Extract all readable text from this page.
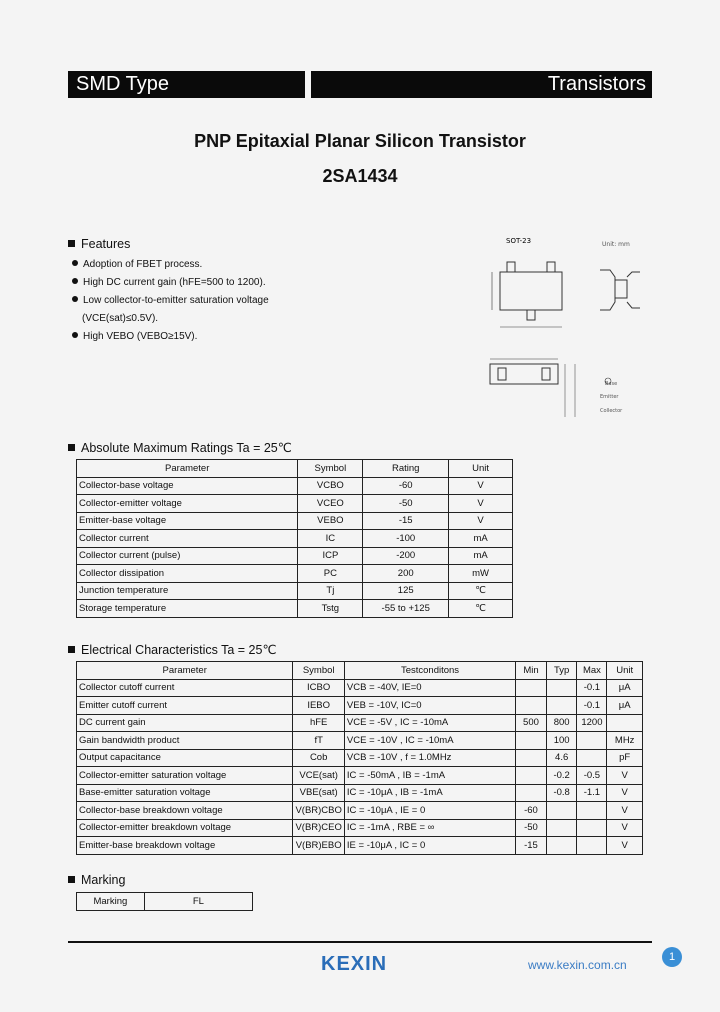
SMD Type	Transistors
PNP Epitaxial Planar Silicon Transistor
2SA1434
Features
Adoption of FBET process.
High DC current gain (hFE=500 to 1200).
Low collector-to-emitter saturation voltage
(VCE(sat)≤0.5V).
High VEBO (VEBO≥15V).
SOT-23	Unit: mm
Base
Emitter
Collector
Absolute Maximum Ratings Ta = 25℃
Parameter	Symbol	Rating	Unit
Collector-base voltage	VCBO	-60	V
Collector-emitter voltage	VCEO	-50	V
Emitter-base voltage	VEBO	-15	V
Collector current	IC	-100	mA
Collector current (pulse)	ICP	-200	mA
Collector dissipation	PC	200	mW
Junction temperature	Tj	125	℃
Storage temperature	Tstg	-55 to +125	℃
Electrical Characteristics Ta = 25℃
Parameter	Symbol	Testconditons	Min	Typ	Max	Unit
Collector cutoff current	ICBO	VCB = -40V, IE=0			-0.1	μA
Emitter cutoff current	IEBO	VEB = -10V, IC=0			-0.1	μA
DC current gain	hFE	VCE = -5V , IC = -10mA	500	800	1200	
Gain bandwidth product	fT	VCE = -10V , IC = -10mA		100		MHz
Output capacitance	Cob	VCB = -10V , f = 1.0MHz		4.6		pF
Collector-emitter saturation voltage	VCE(sat)	IC = -50mA , IB = -1mA		-0.2	-0.5	V
Base-emitter saturation voltage	VBE(sat)	IC = -10μA , IB = -1mA		-0.8	-1.1	V
Collector-base breakdown voltage	V(BR)CBO	IC = -10μA , IE = 0	-60			V
Collector-emitter breakdown voltage	V(BR)CEO	IC = -1mA , RBE = ∞	-50			V
Emitter-base breakdown voltage	V(BR)EBO	IE = -10μA , IC = 0	-15			V
Marking
Marking	FL
1
KEXIN	www.kexin.com.cn
